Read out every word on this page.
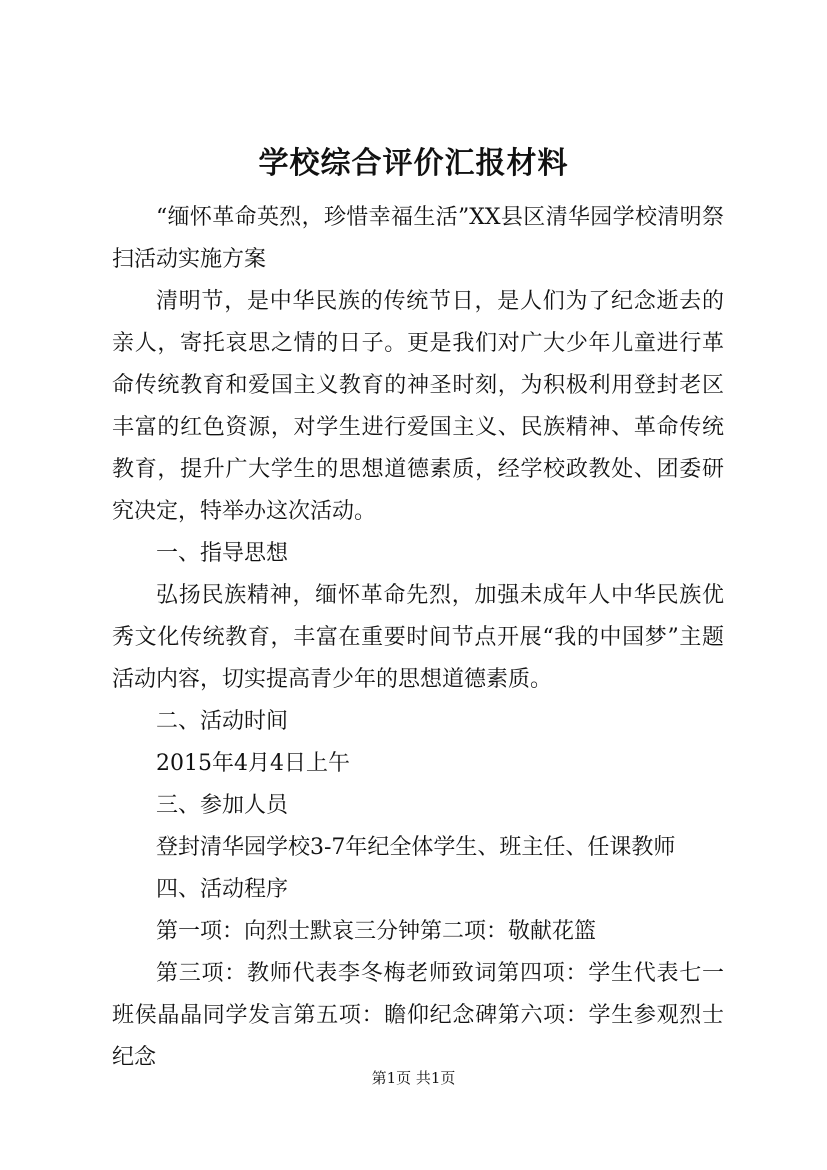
学校综合评价汇报材料

“缅怀革命英烈，珍惜幸福生活”XX县区清华园学校清明祭扫活动实施方案

清明节，是中华民族的传统节日，是人们为了纪念逝去的亲人，寄托哀思之情的日子。更是我们对广大少年儿童进行革命传统教育和爱国主义教育的神圣时刻，为积极利用登封老区丰富的红色资源，对学生进行爱国主义、民族精神、革命传统教育，提升广大学生的思想道德素质，经学校政教处、团委研究决定，特举办这次活动。

一、指导思想

弘扬民族精神，缅怀革命先烈，加强未成年人中华民族优秀文化传统教育，丰富在重要时间节点开展“我的中国梦”主题活动内容，切实提高青少年的思想道德素质。

二、活动时间

2015年4月4日上午

三、参加人员

登封清华园学校3-7年纪全体学生、班主任、任课教师

四、活动程序

第一项：向烈士默哀三分钟第二项：敬献花篮

第三项：教师代表李冬梅老师致词第四项：学生代表七一班侯晶晶同学发言第五项：瞻仰纪念碑第六项：学生参观烈士纪念

第1页 共1页
